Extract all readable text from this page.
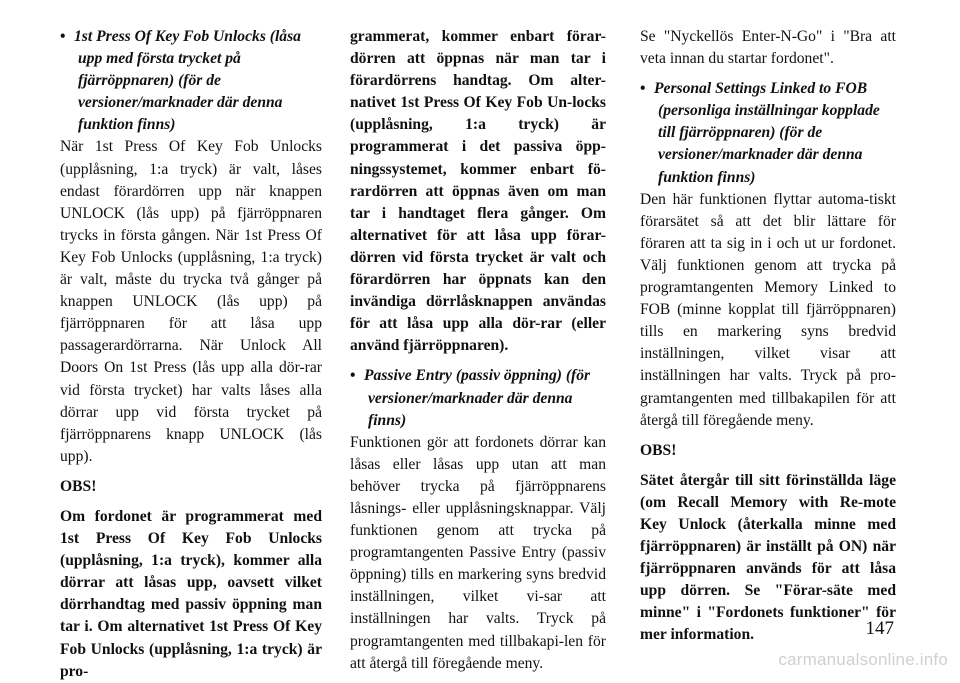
• 1st Press Of Key Fob Unlocks (låsa upp med första trycket på fjärröppnaren) (för de versioner/marknader där denna funktion finns)

När 1st Press Of Key Fob Unlocks (upplåsning, 1:a tryck) är valt, låses endast förardörren upp när knappen UNLOCK (lås upp) på fjärröppnaren trycks in första gången. När 1st Press Of Key Fob Unlocks (upplåsning, 1:a tryck) är valt, måste du trycka två gånger på knappen UNLOCK (lås upp) på fjärröppnaren för att låsa upp passagerardörrarna. När Unlock All Doors On 1st Press (lås upp alla dör-rar vid första trycket) har valts låses alla dörrar upp vid första trycket på fjärröppnarens knapp UNLOCK (lås upp).

OBS!

Om fordonet är programmerat med 1st Press Of Key Fob Unlocks (upplåsning, 1:a tryck), kommer alla dörrar att låsas upp, oavsett vilket dörrhandtag med passiv öppning man tar i. Om alternativet 1st Press Of Key Fob Unlocks (upplåsning, 1:a tryck) är pro-

grammerat, kommer enbart förar-dörren att öppnas när man tar i förardörrens handtag. Om alter-nativet 1st Press Of Key Fob Un-locks (upplåsning, 1:a tryck) är programmerat i det passiva öpp-ningssystemet, kommer enbart fö-rardörren att öppnas även om man tar i handtaget flera gånger. Om alternativet för att låsa upp förar-dörren vid första trycket är valt och förardörren har öppnats kan den invändiga dörrlåsknappen användas för att låsa upp alla dör-rar (eller använd fjärröppnaren).

• Passive Entry (passiv öppning) (för versioner/marknader där denna finns)

Funktionen gör att fordonets dörrar kan låsas eller låsas upp utan att man behöver trycka på fjärröppnarens låsnings- eller upplåsningsknappar. Välj funktionen genom att trycka på programtangenten Passive Entry (passiv öppning) tills en markering syns bredvid inställningen, vilket vi-sar att inställningen har valts. Tryck på programtangenten med tillbakapi-len för att återgå till föregående meny.

Se "Nyckellös Enter-N-Go" i "Bra att veta innan du startar fordonet".

• Personal Settings Linked to FOB (personliga inställningar kopplade till fjärröppnaren) (för de versioner/marknader där denna funktion finns)

Den här funktionen flyttar automa-tiskt förarsätet så att det blir lättare för föraren att ta sig in i och ut ur fordonet. Välj funktionen genom att trycka på programtangenten Memory Linked to FOB (minne kopplat till fjärröppnaren) tills en markering syns bredvid inställningen, vilket visar att inställningen har valts. Tryck på pro-gramtangenten med tillbakapilen för att återgå till föregående meny.

OBS!

Sätet återgår till sitt förinställda läge (om Recall Memory with Re-mote Key Unlock (återkalla minne med fjärröppnaren) är inställt på ON) när fjärröppnaren används för att låsa upp dörren. Se "Förar-säte med minne" i "Fordonets funktioner" för mer information.	147
carmanualsonline.info
